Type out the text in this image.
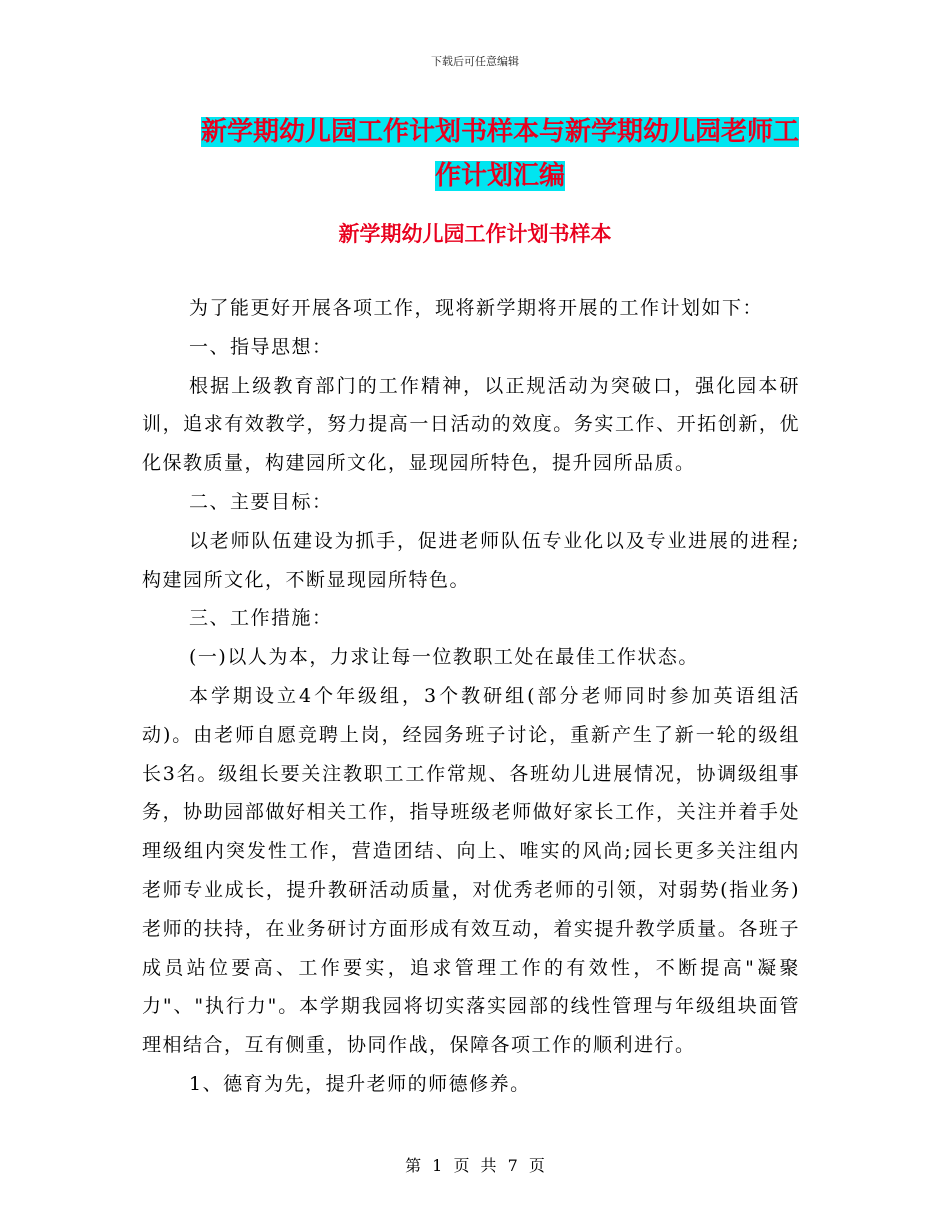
下载后可任意编辑
新学期幼儿园工作计划书样本与新学期幼儿园老师工
作计划汇编
新学期幼儿园工作计划书样本

为了能更好开展各项工作，现将新学期将开展的工作计划如下：

一、指导思想：

根据上级教育部门的工作精神，以正规活动为突破口，强化园本研训，追求有效教学，努力提高一日活动的效度。务实工作、开拓创新，优化保教质量，构建园所文化，显现园所特色，提升园所品质。

二、主要目标：

以老师队伍建设为抓手，促进老师队伍专业化以及专业进展的进程;构建园所文化，不断显现园所特色。

三、工作措施：

(一)以人为本，力求让每一位教职工处在最佳工作状态。

本学期设立4个年级组，3个教研组(部分老师同时参加英语组活动)。由老师自愿竞聘上岗，经园务班子讨论，重新产生了新一轮的级组长3名。级组长要关注教职工工作常规、各班幼儿进展情况，协调级组事务，协助园部做好相关工作，指导班级老师做好家长工作，关注并着手处理级组内突发性工作，营造团结、向上、唯实的风尚;园长更多关注组内老师专业成长，提升教研活动质量，对优秀老师的引领，对弱势(指业务)老师的扶持，在业务研讨方面形成有效互动，着实提升教学质量。各班子成员站位要高、工作要实，追求管理工作的有效性，不断提高"凝聚力"、"执行力"。本学期我园将切实落实园部的线性管理与年级组块面管理相结合，互有侧重，协同作战，保障各项工作的顺利进行。

1、德育为先，提升老师的师德修养。

第 1 页 共 7 页
